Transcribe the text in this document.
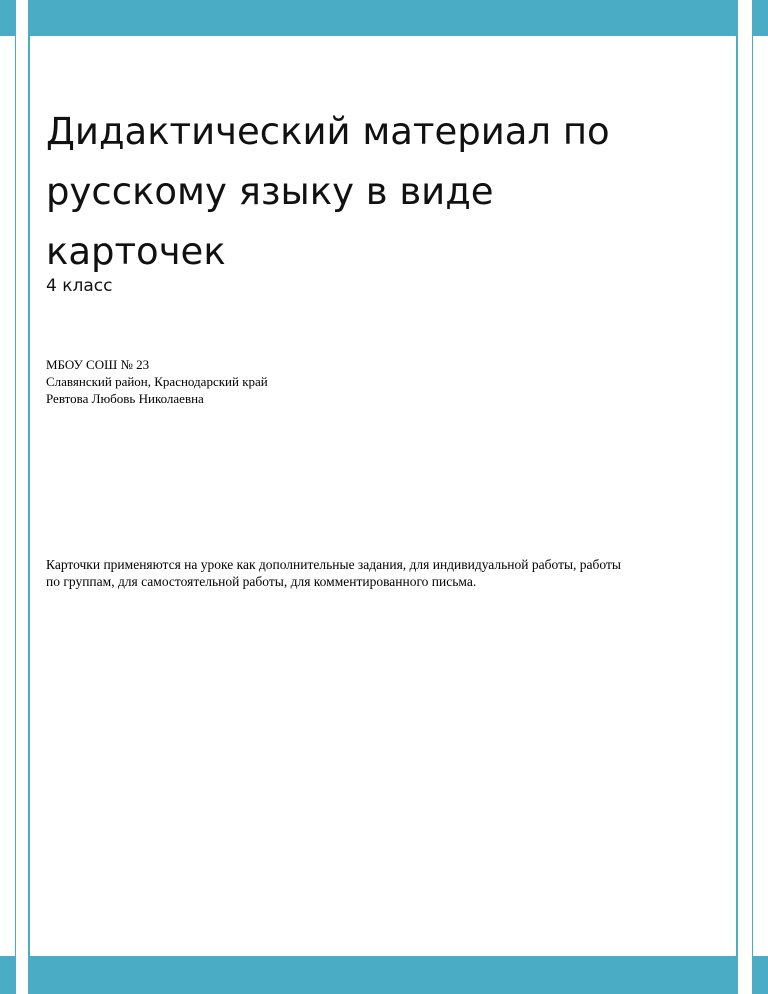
Дидактический материал по
русскому языку в виде
карточек

4 класс

МБОУ СОШ № 23
Славянский район, Краснодарский край
Ревтова Любовь Николаевна

Карточки применяются на уроке как дополнительные задания, для индивидуальной работы, работы
по группам, для самостоятельной работы, для комментированного письма.
